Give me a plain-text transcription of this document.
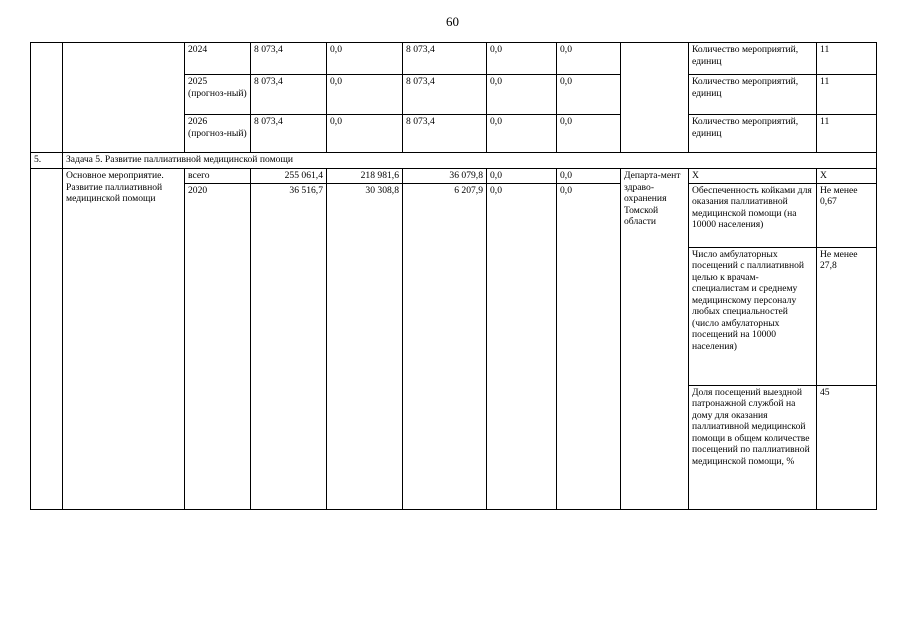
60
		2024	8 073,4	0,0	8 073,4	0,0	0,0		Количество мероприятий, единиц	11
		2025 (прогноз-ный)	8 073,4	0,0	8 073,4	0,0	0,0		Количество мероприятий, единиц	11
		2026 (прогноз-ный)	8 073,4	0,0	8 073,4	0,0	0,0		Количество мероприятий, единиц	11
5.	Задача 5. Развитие паллиативной медицинской помощи									
	Основное мероприятие. Развитие паллиативной медицинской помощи	всего	255 061,4	218 981,6	36 079,8	0,0	0,0	Департа-мент здраво-охранения Томской области	Х	Х
		2020	36 516,7	30 308,8	6 207,9	0,0	0,0		Обеспеченность койками для оказания паллиативной медицинской помощи (на 10000 населения)	Не менее 0,67
									Число амбулаторных посещений с паллиативной целью к врачам-специалистам и среднему медицинскому персоналу любых специальностей (число амбулаторных посещений на 10000 населения)	Не менее 27,8
									Доля посещений выездной патронажной службой на дому для оказания паллиативной медицинской помощи в общем количестве посещений по паллиативной медицинской помощи, %	45
